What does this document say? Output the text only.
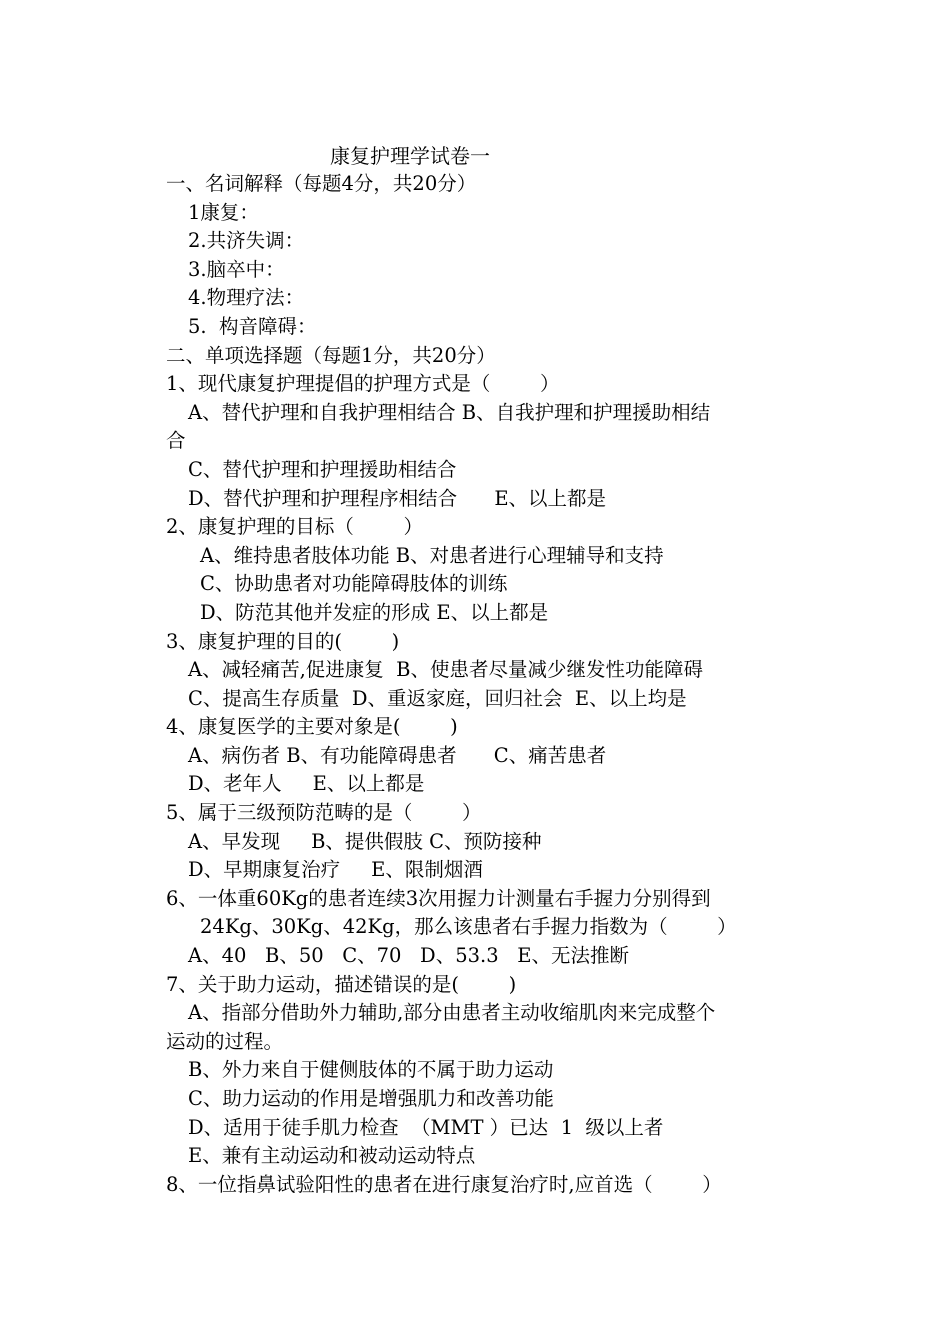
康复护理学试卷一
一、名词解释（每题4分，共20分）
1康复：
2.共济失调：
3.脑卒中：
4.物理疗法：
5.  构音障碍：
二、单项选择题（每题1分，共20分）
1、现代康复护理提倡的护理方式是（        ）
A、替代护理和自我护理相结合 B、自我护理和护理援助相结
合
C、替代护理和护理援助相结合
D、替代护理和护理程序相结合      E、以上都是
2、康复护理的目标（        ）
A、维持患者肢体功能 B、对患者进行心理辅导和支持
C、协助患者对功能障碍肢体的训练
D、防范其他并发症的形成 E、以上都是
3、康复护理的目的(        )
A、减轻痛苦,促进康复  B、使患者尽量减少继发性功能障碍
C、提高生存质量  D、重返家庭，回归社会  E、以上均是
4、康复医学的主要对象是(        )
A、病伤者 B、有功能障碍患者      C、痛苦患者
D、老年人     E、以上都是
5、属于三级预防范畴的是（        ）
A、早发现     B、提供假肢 C、预防接种
D、早期康复治疗     E、限制烟酒
6、一体重60Kg的患者连续3次用握力计测量右手握力分别得到
24Kg、30Kg、42Kg，那么该患者右手握力指数为（        ）
A、40   B、50   C、70   D、53.3   E、无法推断
7、关于助力运动，描述错误的是(        )
A、指部分借助外力辅助,部分由患者主动收缩肌肉来完成整个
运动的过程。
B、外力来自于健侧肢体的不属于助力运动
C、助力运动的作用是增强肌力和改善功能
D、适用于徒手肌力检查  （MMT ）已达  1  级以上者
E、兼有主动运动和被动运动特点
8、一位指鼻试验阳性的患者在进行康复治疗时,应首选（        ）
